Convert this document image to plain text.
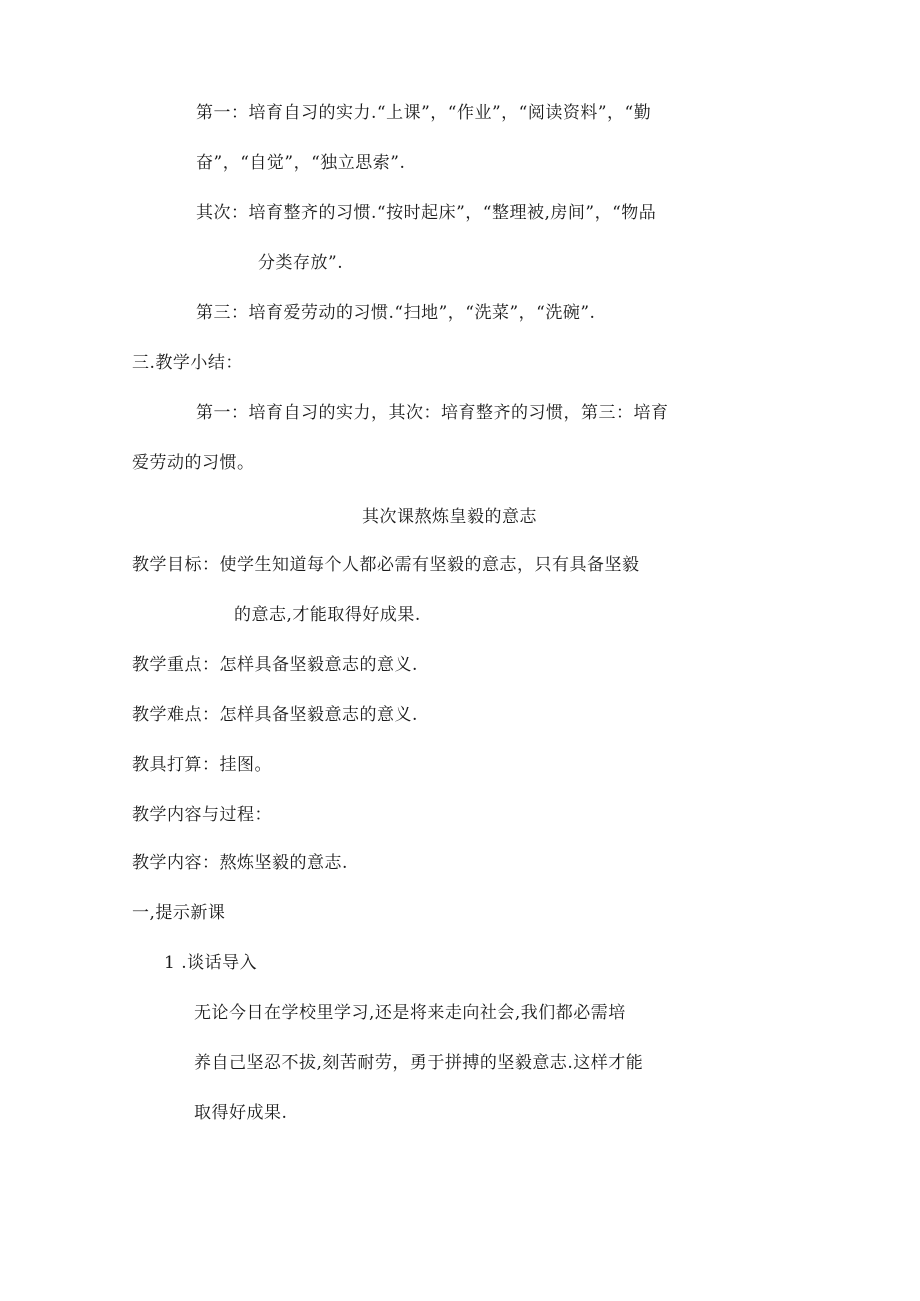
第一：培育自习的实力.“上课”，“作业”，“阅读资料”，“勤
奋”，“自觉”，“独立思索”.
其次：培育整齐的习惯.“按时起床”，“整理被,房间”，“物品
分类存放”.
第三：培育爱劳动的习惯.“扫地”，“洗菜”，“洗碗”.
三.教学小结：
第一：培育自习的实力，其次：培育整齐的习惯，第三：培育
爱劳动的习惯。
其次课熬炼皇毅的意志
教学目标：使学生知道每个人都必需有坚毅的意志，只有具备坚毅
的意志,才能取得好成果.
教学重点：怎样具备坚毅意志的意义.
教学难点：怎样具备坚毅意志的意义.
教具打算：挂图。
教学内容与过程：
教学内容：熬炼坚毅的意志.
一,提示新课
1 .谈话导入
无论今日在学校里学习,还是将来走向社会,我们都必需培
养自己坚忍不拔,刻苦耐劳，勇于拼搏的坚毅意志.这样才能
取得好成果.
